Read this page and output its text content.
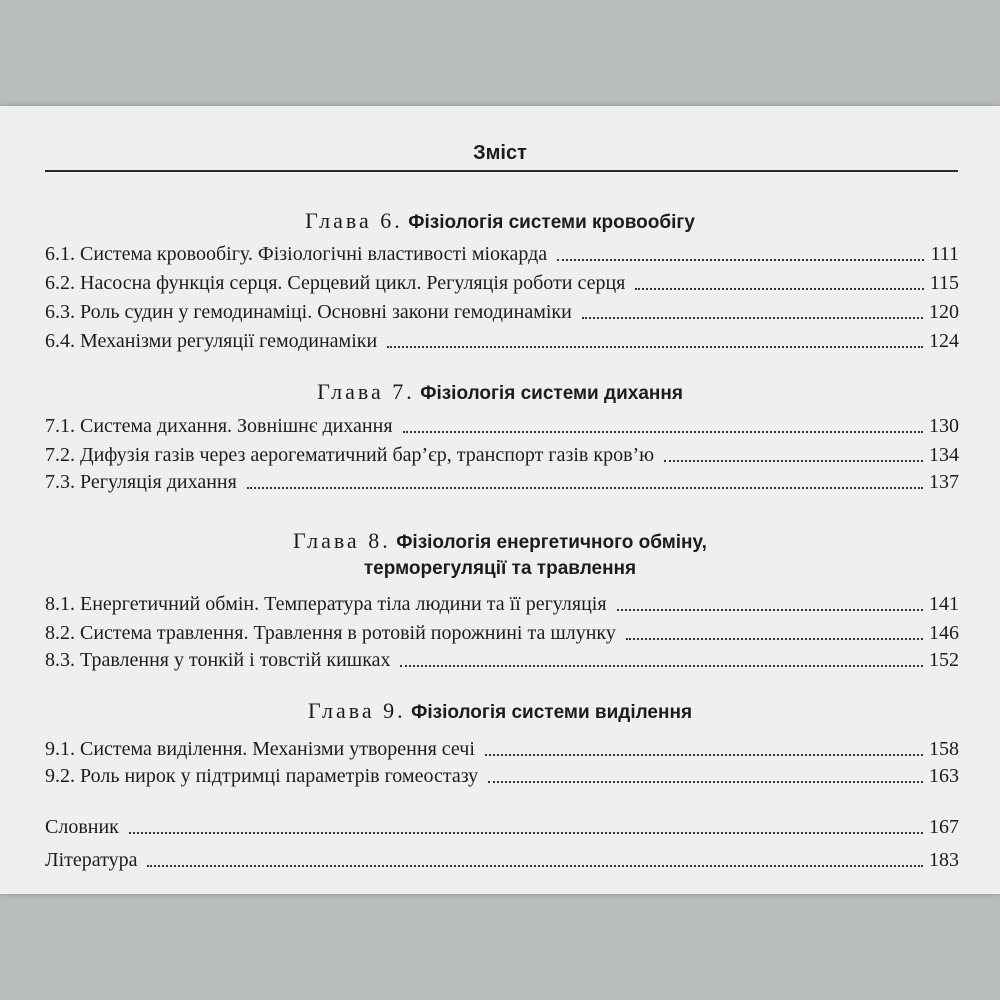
Зміст
Глава 6. Фізіологія системи кровообігу
6.1. Система кровообігу. Фізіологічні властивості міокарда	111
6.2. Насосна функція серця. Серцевий цикл. Регуляція роботи серця	115
6.3. Роль судин у гемодинаміці. Основні закони гемодинаміки	120
6.4. Механізми регуляції гемодинаміки	124
Глава 7. Фізіологія системи дихання
7.1. Система дихання. Зовнішнє дихання	130
7.2. Дифузія газів через аерогематичний бар’єр, транспорт газів кров’ю	134
7.3. Регуляція дихання	137
Глава 8. Фізіологія енергетичного обміну,
терморегуляції та травлення
8.1. Енергетичний обмін. Температура тіла людини та її регуляція	141
8.2. Система травлення. Травлення в ротовій порожнині та шлунку	146
8.3. Травлення у тонкій і товстій кишках	152
Глава 9. Фізіологія системи виділення
9.1. Система виділення. Механізми утворення сечі	158
9.2. Роль нирок у підтримці параметрів гомеостазу	163
Словник	167
Література	183
